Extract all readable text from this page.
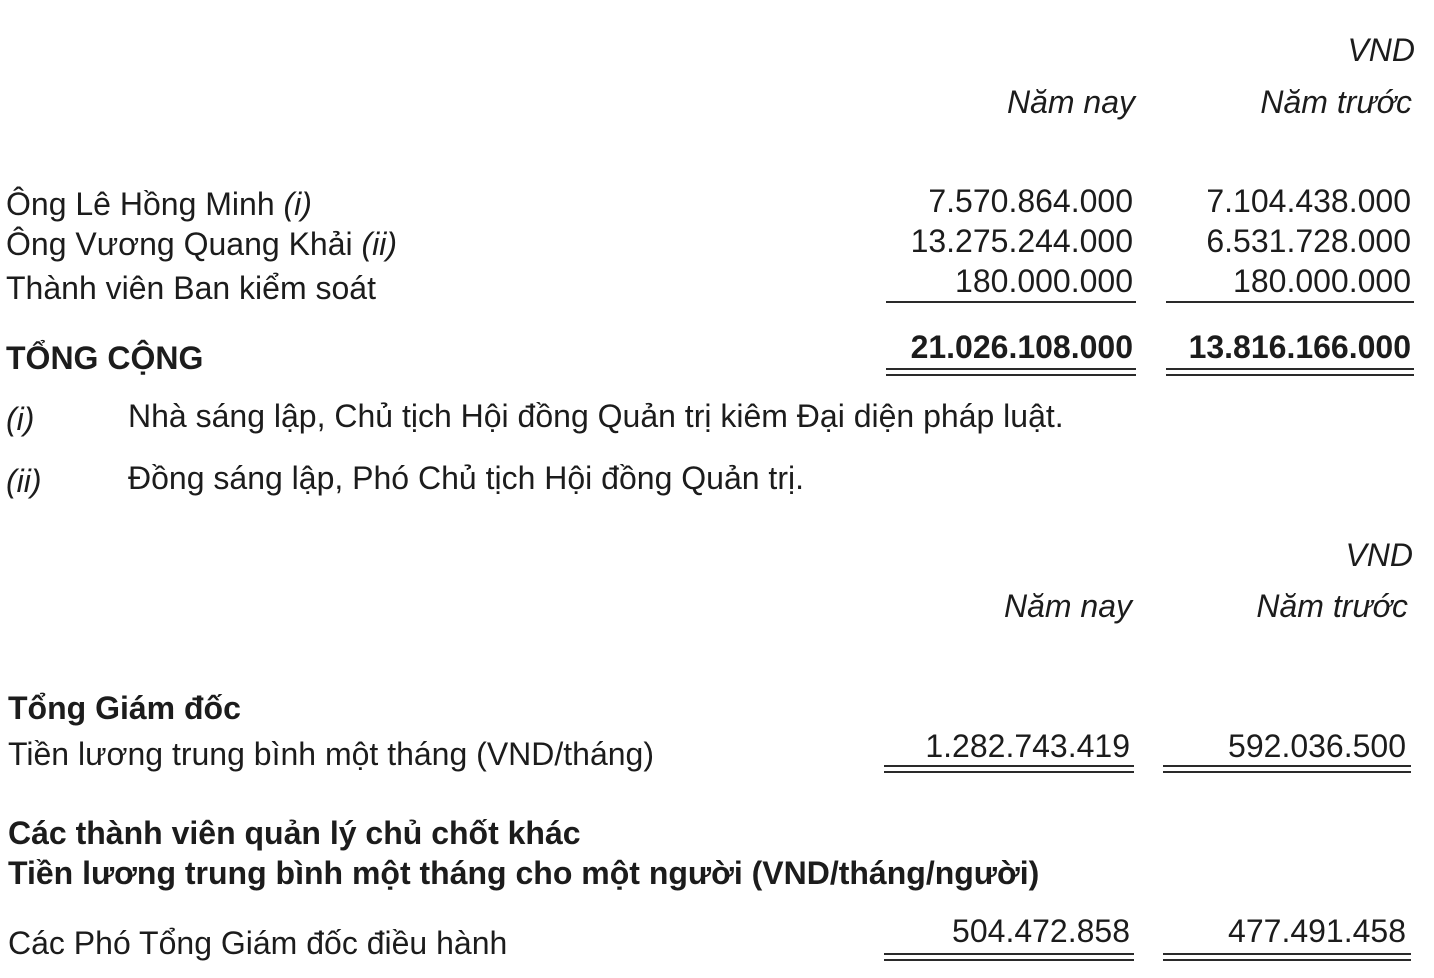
VND
Năm nay	Năm trước
Ông Lê Hồng Minh (i)	7.570.864.000	7.104.438.000
Ông Vương Quang Khải (ii)	13.275.244.000	6.531.728.000
Thành viên Ban kiểm soát	180.000.000	180.000.000
TỔNG CỘNG	21.026.108.000	13.816.166.000
(i)	Nhà sáng lập, Chủ tịch Hội đồng Quản trị kiêm Đại diện pháp luật.
(ii)	Đồng sáng lập, Phó Chủ tịch Hội đồng Quản trị.
VND
Năm nay	Năm trước
Tổng Giám đốc
Tiền lương trung bình một tháng (VND/tháng)	1.282.743.419	592.036.500
Các thành viên quản lý chủ chốt khác
Tiền lương trung bình một tháng cho một người (VND/tháng/người)
Các Phó Tổng Giám đốc điều hành	504.472.858	477.491.458
